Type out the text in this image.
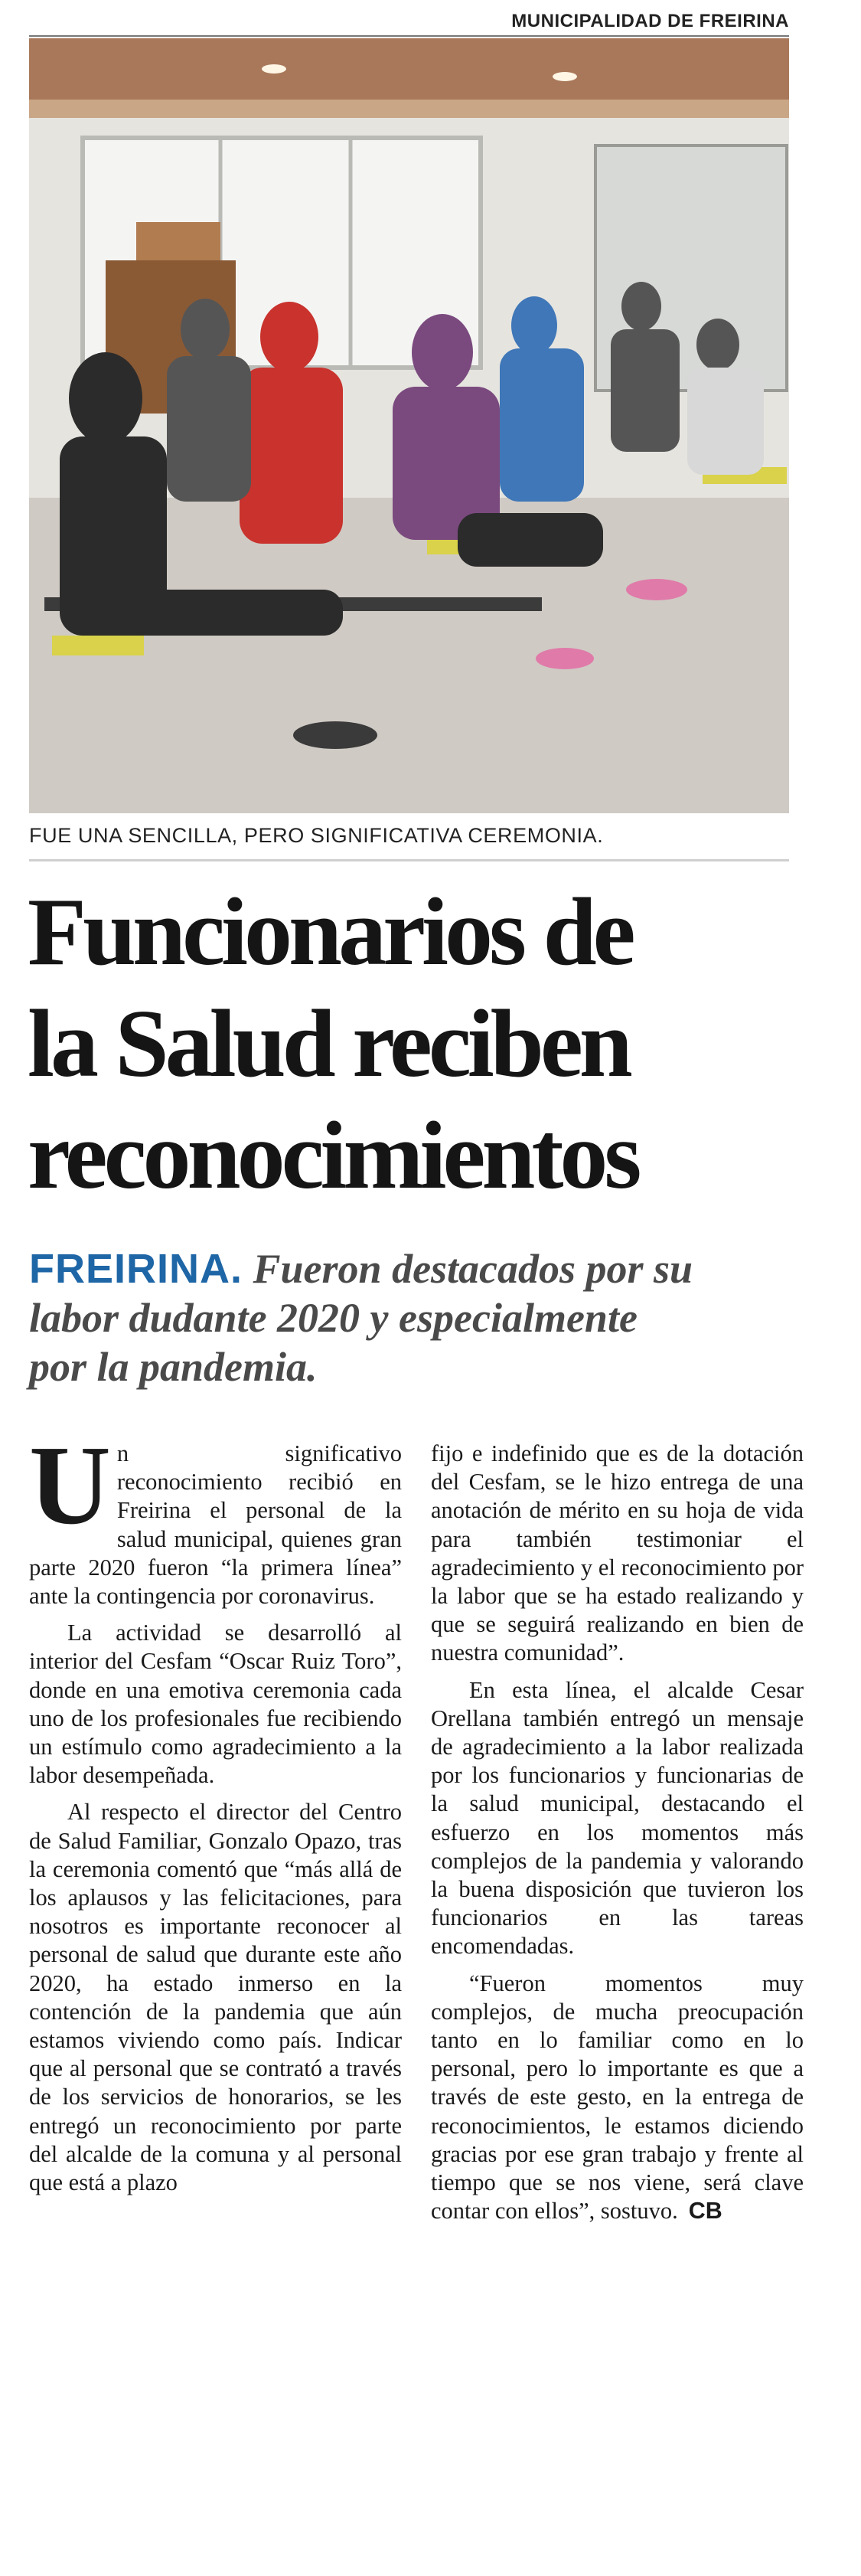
MUNICIPALIDAD DE FREIRINA
FUE UNA SENCILLA, PERO SIGNIFICATIVA CEREMONIA.
Funcionarios de
la Salud reciben
reconocimientos

FREIRINA. Fueron destacados por su
labor dudante 2020 y especialmente
por la pandemia.

Un significativo reconocimiento recibió en Freirina el personal de la salud municipal, quienes gran parte 2020 fueron “la primera línea” ante la contingencia por coronavirus.

La actividad se desarrolló al interior del Cesfam “Oscar Ruiz Toro”, donde en una emotiva ceremonia cada uno de los profesionales fue recibiendo un estímulo como agradecimiento a la labor desempeñada.

Al respecto el director del Centro de Salud Familiar, Gonzalo Opazo, tras la ceremonia comentó que “más allá de los aplausos y las felicitaciones, para nosotros es importante reconocer al personal de salud que durante este año 2020, ha estado inmerso en la contención de la pandemia que aún estamos viviendo como país. Indicar que al personal que se contrató a través de los servicios de honorarios, se les entregó un reconocimiento por parte del alcalde de la comuna y al personal que está a plazo

fijo e indefinido que es de la dotación del Cesfam, se le hizo entrega de una anotación de mérito en su hoja de vida para también testimoniar el agradecimiento y el reconocimiento por la labor que se ha estado realizando y que se seguirá realizando en bien de nuestra comunidad”.

En esta línea, el alcalde Cesar Orellana también entregó un mensaje de agradecimiento a la labor realizada por los funcionarios y funcionarias de la salud municipal, destacando el esfuerzo en los momentos más complejos de la pandemia y valorando la buena disposición que tuvieron los funcionarios en las tareas encomendadas.

“Fueron momentos muy complejos, de mucha preocupación tanto en lo familiar como en lo personal, pero lo importante es que a través de este gesto, en la entrega de reconocimientos, le estamos diciendo gracias por ese gran trabajo y frente al tiempo que se nos viene, será clave contar con ellos”, sostuvo. CB
